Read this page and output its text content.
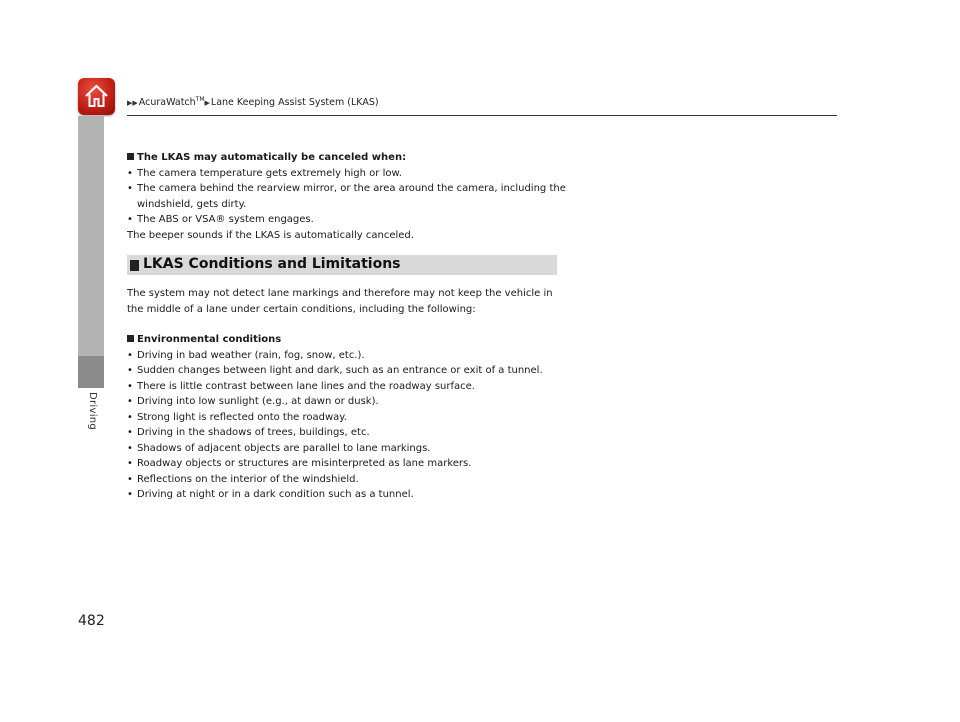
▶▶AcuraWatch™▶Lane Keeping Assist System (LKAS)
Driving
482

The LKAS may automatically be canceled when:

• The camera temperature gets extremely high or low.
• The camera behind the rearview mirror, or the area around the camera, including the windshield, gets dirty.
• The ABS or VSA® system engages.

The beeper sounds if the LKAS is automatically canceled.

LKAS Conditions and Limitations

The system may not detect lane markings and therefore may not keep the vehicle in the middle of a lane under certain conditions, including the following:

Environmental conditions

• Driving in bad weather (rain, fog, snow, etc.).
• Sudden changes between light and dark, such as an entrance or exit of a tunnel.
• There is little contrast between lane lines and the roadway surface.
• Driving into low sunlight (e.g., at dawn or dusk).
• Strong light is reflected onto the roadway.
• Driving in the shadows of trees, buildings, etc.
• Shadows of adjacent objects are parallel to lane markings.
• Roadway objects or structures are misinterpreted as lane markers.
• Reflections on the interior of the windshield.
• Driving at night or in a dark condition such as a tunnel.
